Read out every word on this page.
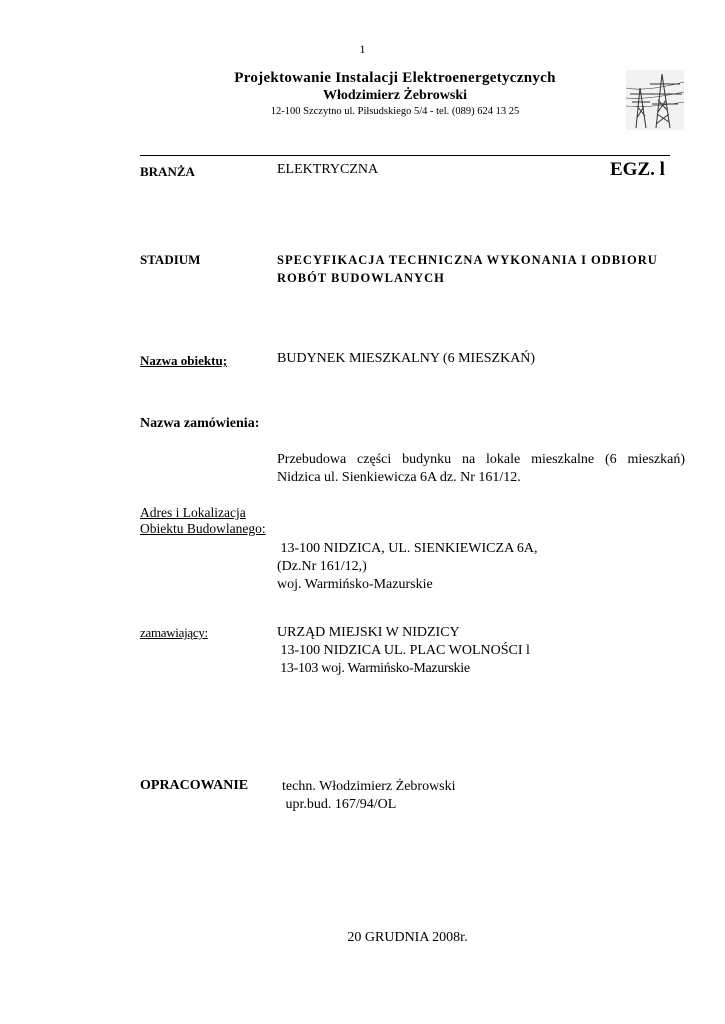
1
Projektowanie Instalacji Elektroenergetycznych
Włodzimierz Żebrowski
12-100 Szczytno ul. Piłsudskiego 5/4 - tel. (089) 624 13 25
BRANŻA	ELEKTRYCZNA	EGZ. l
STADIUM	SPECYFIKACJA TECHNICZNA WYKONANIA I ODBIORU
ROBÓT BUDOWLANYCH
Nazwa obiektu;	BUDYNEK MIESZKALNY (6 MIESZKAŃ)
Nazwa zamówienia:
Przebudowa części budynku na lokale mieszkalne (6 mieszkań)
Nidzica ul. Sienkiewicza 6A dz. Nr 161/12.
Adres i Lokalizacja
Obiektu Budowlanego:
13-100 NIDZICA, UL. SIENKIEWICZA 6A,
(Dz.Nr 161/12,)
woj. Warmińsko-Mazurskie
zamawiający:	URZĄD MIEJSKI W NIDZICY
13-100 NIDZICA UL. PLAC WOLNOŚCI l
13-103 woj. Warmińsko-Mazurskie
OPRACOWANIE techn. Włodzimierz Żebrowski
upr.bud. 167/94/OL
20 GRUDNIA 2008r.
